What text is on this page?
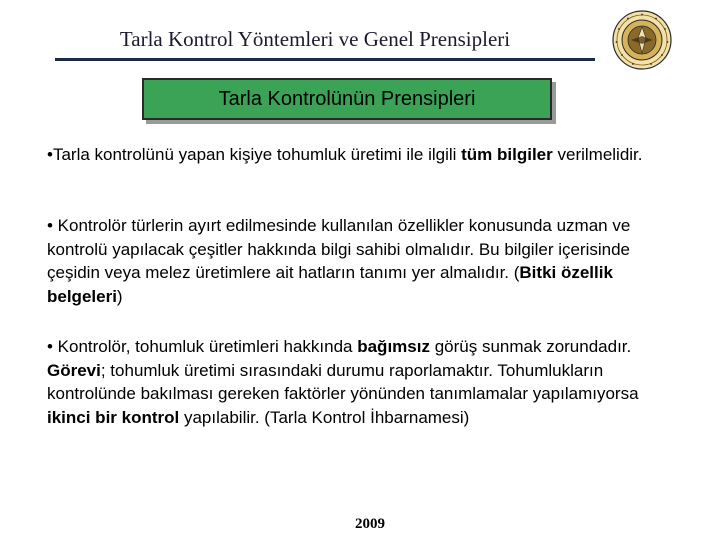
Tarla Kontrol Yöntemleri ve Genel Prensipleri
Tarla Kontrolünün Prensipleri
•Tarla kontrolünü yapan kişiye tohumluk üretimi ile ilgili tüm bilgiler verilmelidir.
• Kontrolör türlerin ayırt edilmesinde kullanılan özellikler konusunda uzman ve kontrolü yapılacak çeşitler hakkında bilgi sahibi olmalıdır. Bu bilgiler içerisinde çeşidin veya melez üretimlere ait hatların tanımı yer almalıdır. (Bitki özellik belgeleri)
• Kontrolör, tohumluk üretimleri hakkında bağımsız görüş sunmak zorundadır. Görevi; tohumluk üretimi sırasındaki durumu raporlamaktır. Tohumlukların kontrolünde bakılması gereken faktörler yönünden tanımlamalar yapılamıyorsa ikinci bir kontrol yapılabilir. (Tarla Kontrol İhbarnamesi)
2009
